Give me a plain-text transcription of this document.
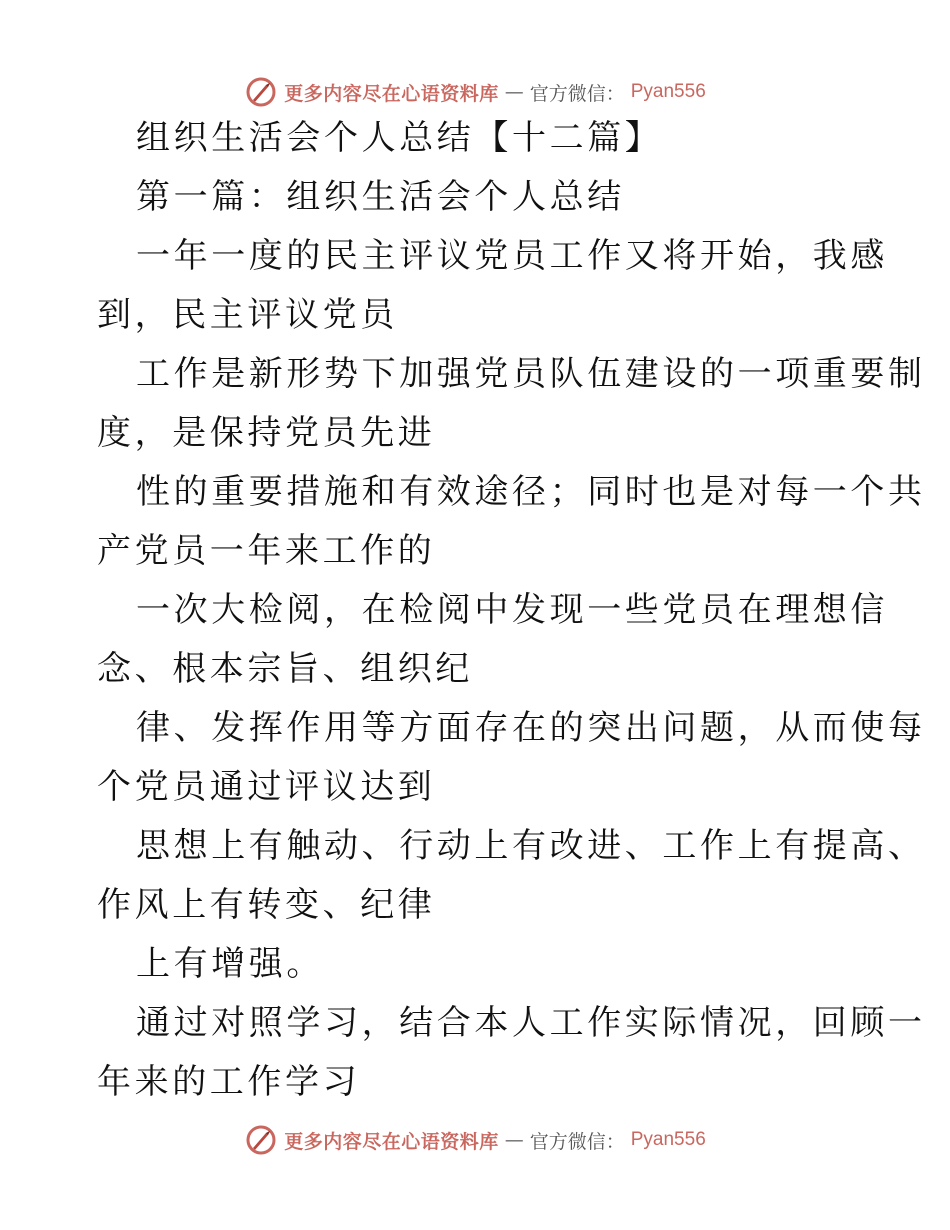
更多内容尽在心语资料库 — 官方微信： Pyan556
组织生活会个人总结【十二篇】
第一篇：组织生活会个人总结
一年一度的民主评议党员工作又将开始，我感
到，民主评议党员
工作是新形势下加强党员队伍建设的一项重要制
度，是保持党员先进
性的重要措施和有效途径；同时也是对每一个共
产党员一年来工作的
一次大检阅，在检阅中发现一些党员在理想信
念、根本宗旨、组织纪
律、发挥作用等方面存在的突出问题，从而使每
个党员通过评议达到
思想上有触动、行动上有改进、工作上有提高、
作风上有转变、纪律
上有增强。
通过对照学习，结合本人工作实际情况，回顾一
年来的工作学习
更多内容尽在心语资料库 — 官方微信： Pyan556
